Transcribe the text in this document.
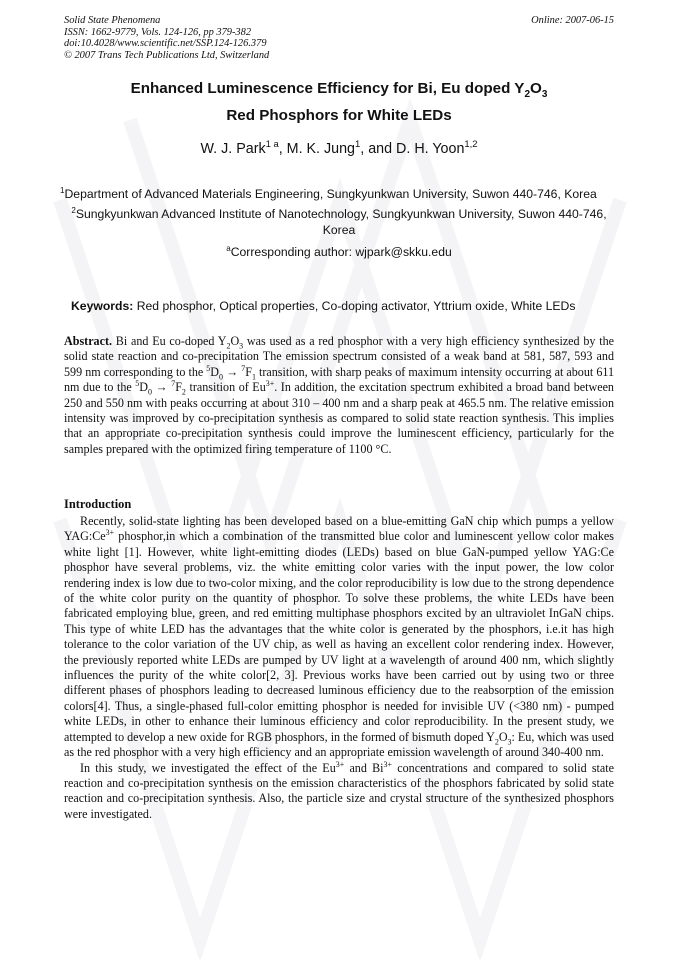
Solid State Phenomena
ISSN: 1662-9779, Vols. 124-126, pp 379-382
doi:10.4028/www.scientific.net/SSP.124-126.379
© 2007 Trans Tech Publications Ltd, Switzerland
Online: 2007-06-15
Enhanced Luminescence Efficiency for Bi, Eu doped $Y_2O_3$
Red Phosphors for White LEDs
W. J. Park$^{1 a}$, M. K. Jung$^1$, and D. H. Yoon$^{1,2}$
$^1$Department of Advanced Materials Engineering, Sungkyunkwan University, Suwon 440-746, Korea
$^2$Sungkyunkwan Advanced Institute of Nanotechnology, Sungkyunkwan University, Suwon 440-746, Korea
$^a$Corresponding author: wjpark@skku.edu
Keywords: Red phosphor, Optical properties, Co-doping activator, Yttrium oxide, White LEDs

Abstract. Bi and Eu co-doped $Y_2O_3$ was used as a red phosphor with a very high efficiency synthesized by the solid state reaction and co-precipitation The emission spectrum consisted of a weak band at 581, 587, 593 and 599 nm corresponding to the $^5D_0 \to ^7F_1$ transition, with sharp peaks of maximum intensity occurring at about 611 nm due to the $^5D_0 \to ^7F_2$ transition of $Eu^{3+}$. In addition, the excitation spectrum exhibited a broad band between 250 and 550 nm with peaks occurring at about 310 – 400 nm and a sharp peak at 465.5 nm. The relative emission intensity was improved by co-precipitation synthesis as compared to solid state reaction synthesis. This implies that an appropriate co-precipitation synthesis could improve the luminescent efficiency, particularly for the samples prepared with the optimized firing temperature of 1100 °C.

Introduction

Recently, solid-state lighting has been developed based on a blue-emitting GaN chip which pumps a yellow $YAG:Ce^{3+}$ phosphor,in which a combination of the transmitted blue color and luminescent yellow color makes white light [1]. However, white light-emitting diodes (LEDs) based on blue GaN-pumped yellow YAG:Ce phosphor have several problems, viz. the white emitting color varies with the input power, the low color rendering index is low due to two-color mixing, and the color reproducibility is low due to the strong dependence of the white color purity on the quantity of phosphor. To solve these problems, the white LEDs have been fabricated employing blue, green, and red emitting multiphase phosphors excited by an ultraviolet InGaN chips. This type of white LED has the advantages that the white color is generated by the phosphors, i.e.it has high tolerance to the color variation of the UV chip, as well as having an excellent color rendering index. However, the previously reported white LEDs are pumped by UV light at a wavelength of around 400 nm, which slightly influences the purity of the white color[2, 3]. Previous works have been carried out by using two or three different phases of phosphors leading to decreased luminous efficiency due to the reabsorption of the emission colors[4]. Thus, a single-phased full-color emitting phosphor is needed for invisible UV (<380 nm) - pumped white LEDs, in other to enhance their luminous efficiency and color reproducibility. In the present study, we attempted to develop a new oxide for RGB phosphors, in the formed of bismuth doped $Y_2O_3$: Eu, which was used as the red phosphor with a very high efficiency and an appropriate emission wavelength of around 340-400 nm.

In this study, we investigated the effect of the $Eu^{3+}$ and $Bi^{3+}$ concentrations and compared to solid state reaction and co-precipitation synthesis on the emission characteristics of the phosphors fabricated by solid state reaction and co-precipitation synthesis. Also, the particle size and crystal structure of the synthesized phosphors were investigated.
